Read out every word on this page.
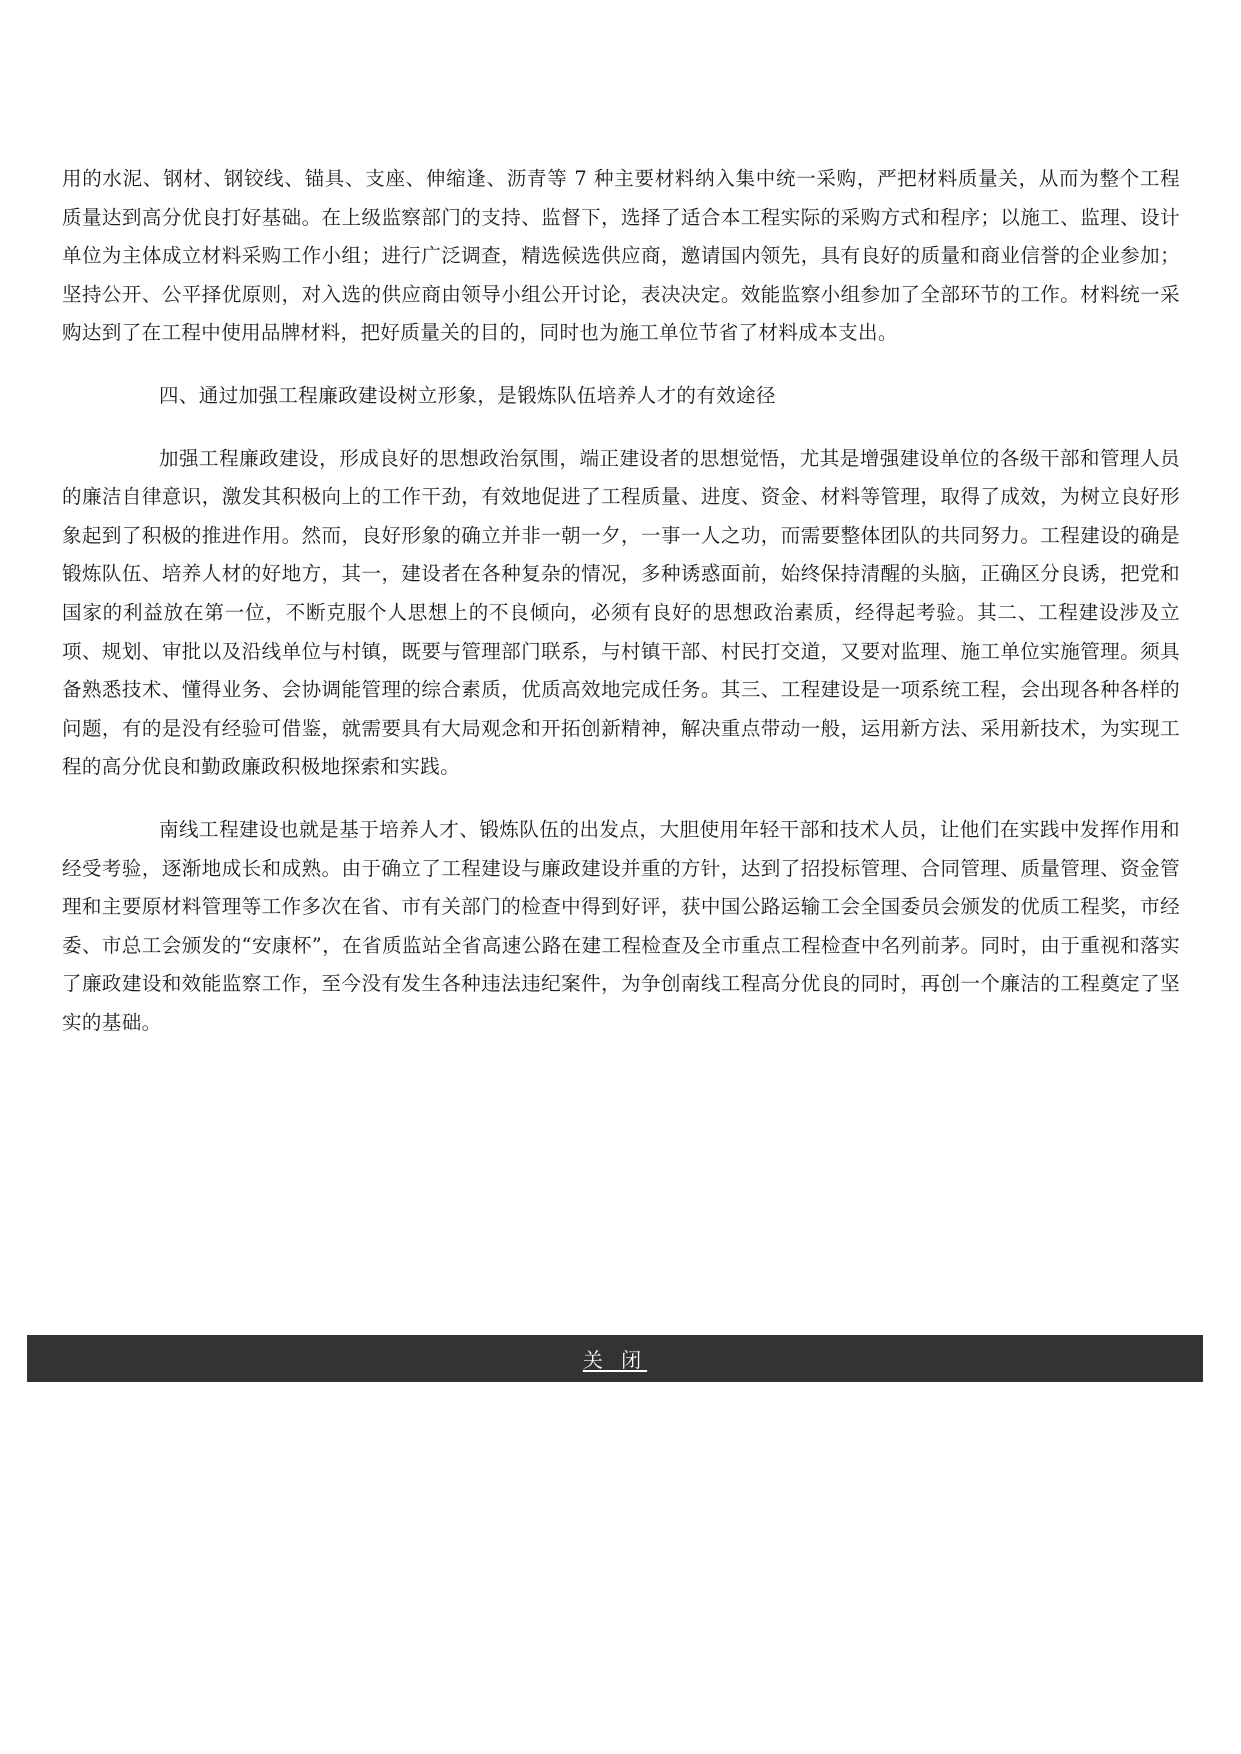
用的水泥、钢材、钢铰线、锚具、支座、伸缩逢、沥青等 7 种主要材料纳入集中统一采购，严把材料质量关，从而为整个工程质量达到高分优良打好基础。在上级监察部门的支持、监督下，选择了适合本工程实际的采购方式和程序；以施工、监理、设计单位为主体成立材料采购工作小组；进行广泛调查，精选候选供应商，邀请国内领先，具有良好的质量和商业信誉的企业参加；坚持公开、公平择优原则，对入选的供应商由领导小组公开讨论，表决决定。效能监察小组参加了全部环节的工作。材料统一采购达到了在工程中使用品牌材料，把好质量关的目的，同时也为施工单位节省了材料成本支出。

四、通过加强工程廉政建设树立形象，是锻炼队伍培养人才的有效途径

加强工程廉政建设，形成良好的思想政治氛围，端正建设者的思想觉悟，尤其是增强建设单位的各级干部和管理人员的廉洁自律意识，激发其积极向上的工作干劲，有效地促进了工程质量、进度、资金、材料等管理，取得了成效，为树立良好形象起到了积极的推进作用。然而，良好形象的确立并非一朝一夕，一事一人之功，而需要整体团队的共同努力。工程建设的确是锻炼队伍、培养人材的好地方，其一，建设者在各种复杂的情况，多种诱惑面前，始终保持清醒的头脑，正确区分良诱，把党和国家的利益放在第一位，不断克服个人思想上的不良倾向，必须有良好的思想政治素质，经得起考验。其二、工程建设涉及立项、规划、审批以及沿线单位与村镇，既要与管理部门联系，与村镇干部、村民打交道，又要对监理、施工单位实施管理。须具备熟悉技术、懂得业务、会协调能管理的综合素质，优质高效地完成任务。其三、工程建设是一项系统工程，会出现各种各样的问题，有的是没有经验可借鉴，就需要具有大局观念和开拓创新精神，解决重点带动一般，运用新方法、采用新技术，为实现工程的高分优良和勤政廉政积极地探索和实践。

南线工程建设也就是基于培养人才、锻炼队伍的出发点，大胆使用年轻干部和技术人员，让他们在实践中发挥作用和经受考验，逐渐地成长和成熟。由于确立了工程建设与廉政建设并重的方针，达到了招投标管理、合同管理、质量管理、资金管理和主要原材料管理等工作多次在省、市有关部门的检查中得到好评，获中国公路运输工会全国委员会颁发的优质工程奖，市经委、市总工会颁发的“安康杯”，在省质监站全省高速公路在建工程检查及全市重点工程检查中名列前茅。同时，由于重视和落实了廉政建设和效能监察工作，至今没有发生各种违法违纪案件，为争创南线工程高分优良的同时，再创一个廉洁的工程奠定了坚实的基础。

关 闭
